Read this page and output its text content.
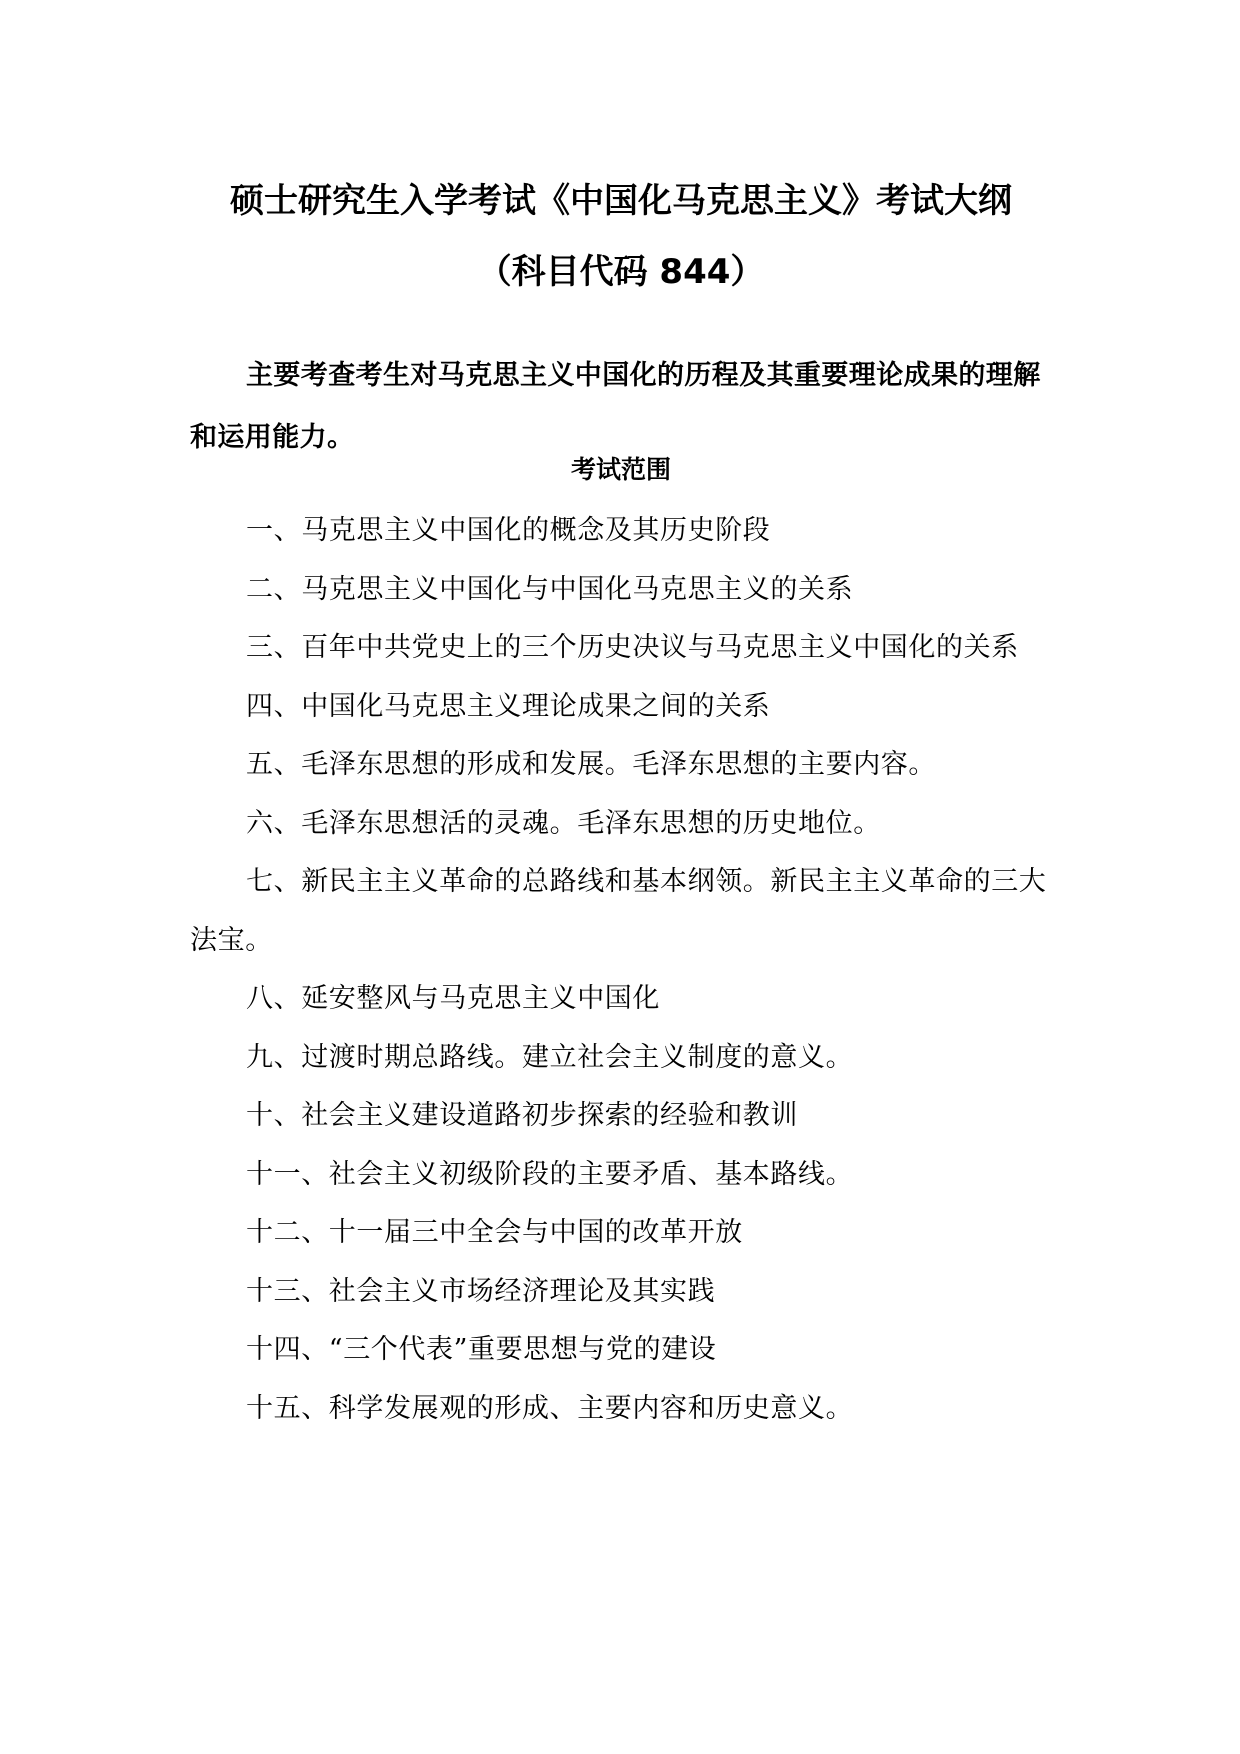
硕士研究生入学考试《中国化马克思主义》考试大纲
（科目代码 844）

主要考查考生对马克思主义中国化的历程及其重要理论成果的理解和运用能力。

考试范围
一、马克思主义中国化的概念及其历史阶段
二、马克思主义中国化与中国化马克思主义的关系
三、百年中共党史上的三个历史决议与马克思主义中国化的关系
四、中国化马克思主义理论成果之间的关系
五、毛泽东思想的形成和发展。毛泽东思想的主要内容。
六、毛泽东思想活的灵魂。毛泽东思想的历史地位。
七、新民主主义革命的总路线和基本纲领。新民主主义革命的三大法宝。
八、延安整风与马克思主义中国化
九、过渡时期总路线。建立社会主义制度的意义。
十、社会主义建设道路初步探索的经验和教训
十一、社会主义初级阶段的主要矛盾、基本路线。
十二、十一届三中全会与中国的改革开放
十三、社会主义市场经济理论及其实践
十四、“三个代表”重要思想与党的建设
十五、科学发展观的形成、主要内容和历史意义。
